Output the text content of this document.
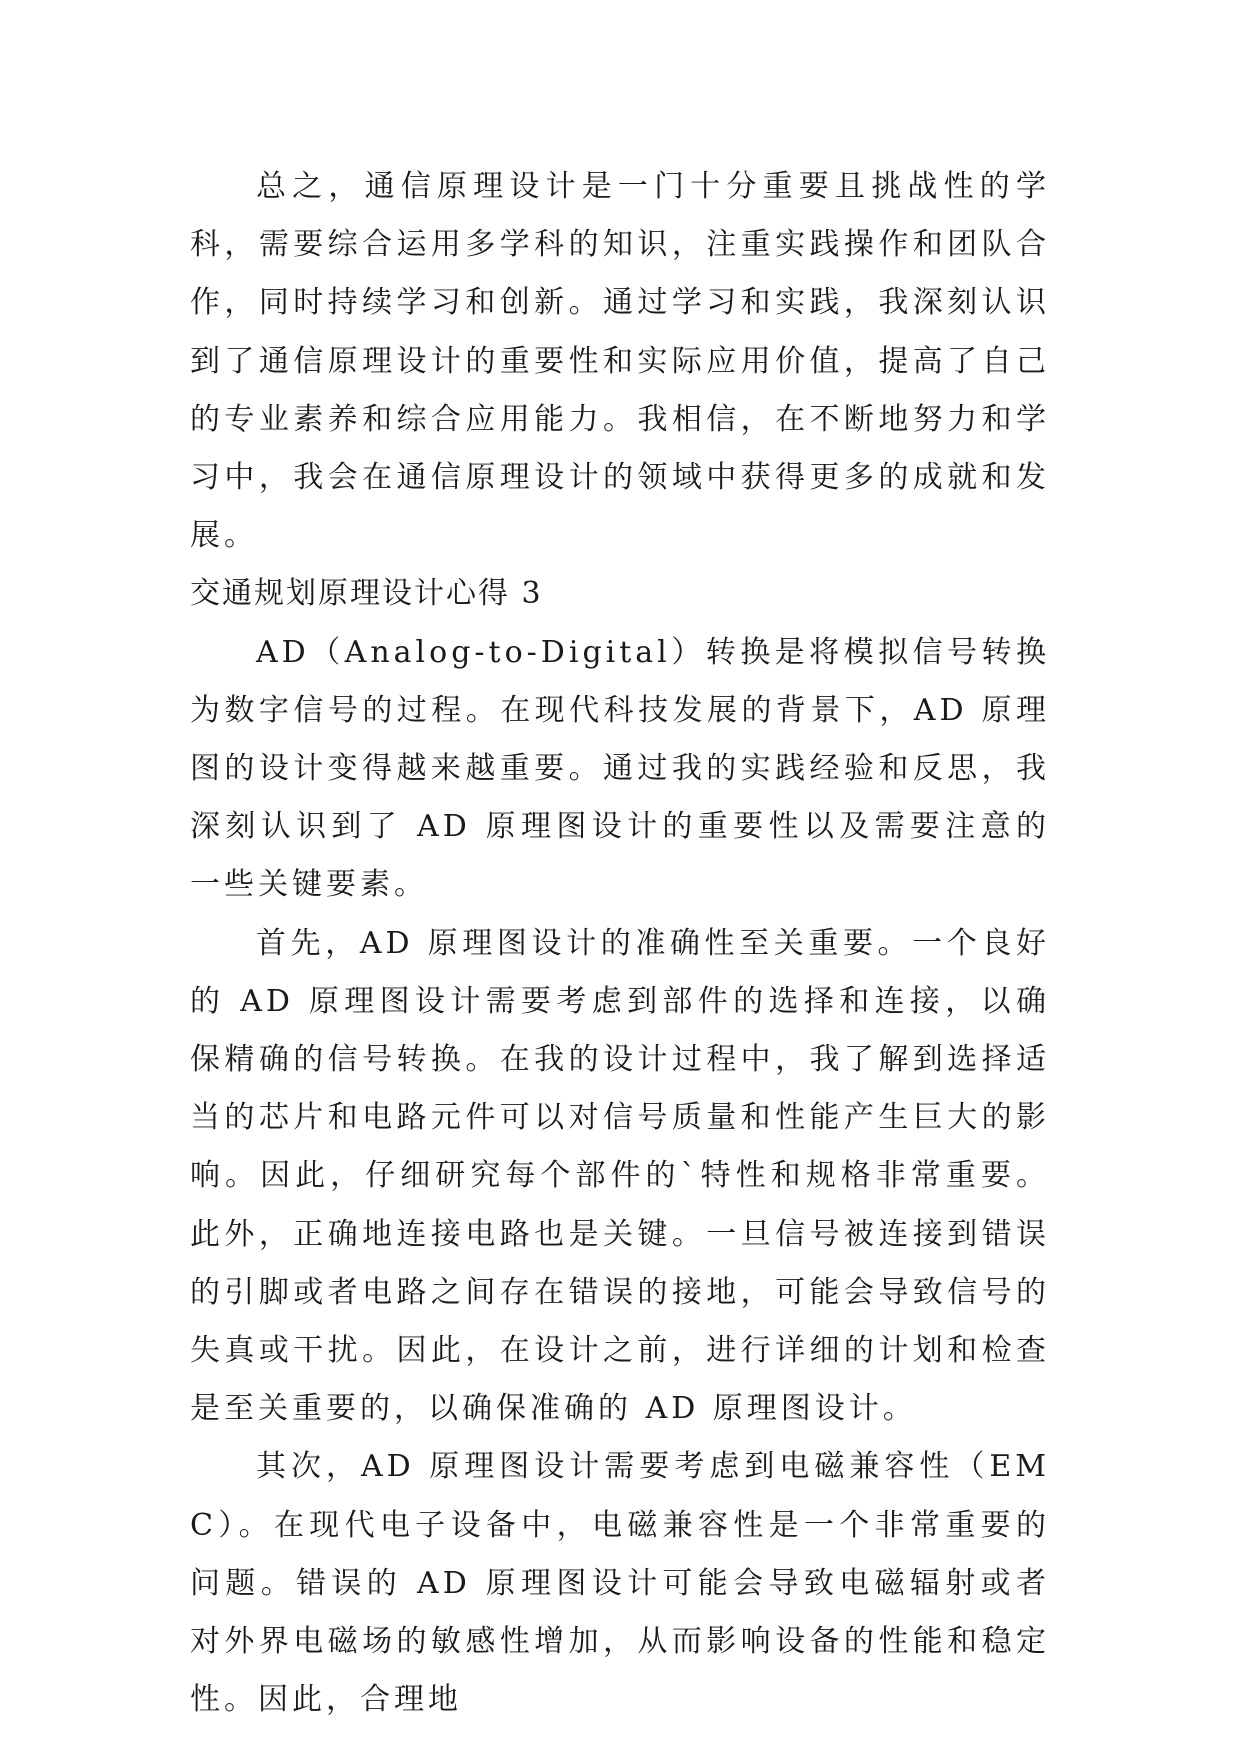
总之，通信原理设计是一门十分重要且挑战性的学科，需要综合运用多学科的知识，注重实践操作和团队合作，同时持续学习和创新。通过学习和实践，我深刻认识到了通信原理设计的重要性和实际应用价值，提高了自己的专业素养和综合应用能力。我相信，在不断地努力和学习中，我会在通信原理设计的领域中获得更多的成就和发展。

交通规划原理设计心得 3

AD（Analog-to-Digital）转换是将模拟信号转换为数字信号的过程。在现代科技发展的背景下，AD 原理图的设计变得越来越重要。通过我的实践经验和反思，我深刻认识到了 AD 原理图设计的重要性以及需要注意的一些关键要素。

首先，AD 原理图设计的准确性至关重要。一个良好的 AD 原理图设计需要考虑到部件的选择和连接，以确保精确的信号转换。在我的设计过程中，我了解到选择适当的芯片和电路元件可以对信号质量和性能产生巨大的影响。因此，仔细研究每个部件的`特性和规格非常重要。此外，正确地连接电路也是关键。一旦信号被连接到错误的引脚或者电路之间存在错误的接地，可能会导致信号的失真或干扰。因此，在设计之前，进行详细的计划和检查是至关重要的，以确保准确的 AD 原理图设计。

其次，AD 原理图设计需要考虑到电磁兼容性（EMC）。在现代电子设备中，电磁兼容性是一个非常重要的问题。错误的 AD 原理图设计可能会导致电磁辐射或者对外界电磁场的敏感性增加，从而影响设备的性能和稳定性。因此，合理地
